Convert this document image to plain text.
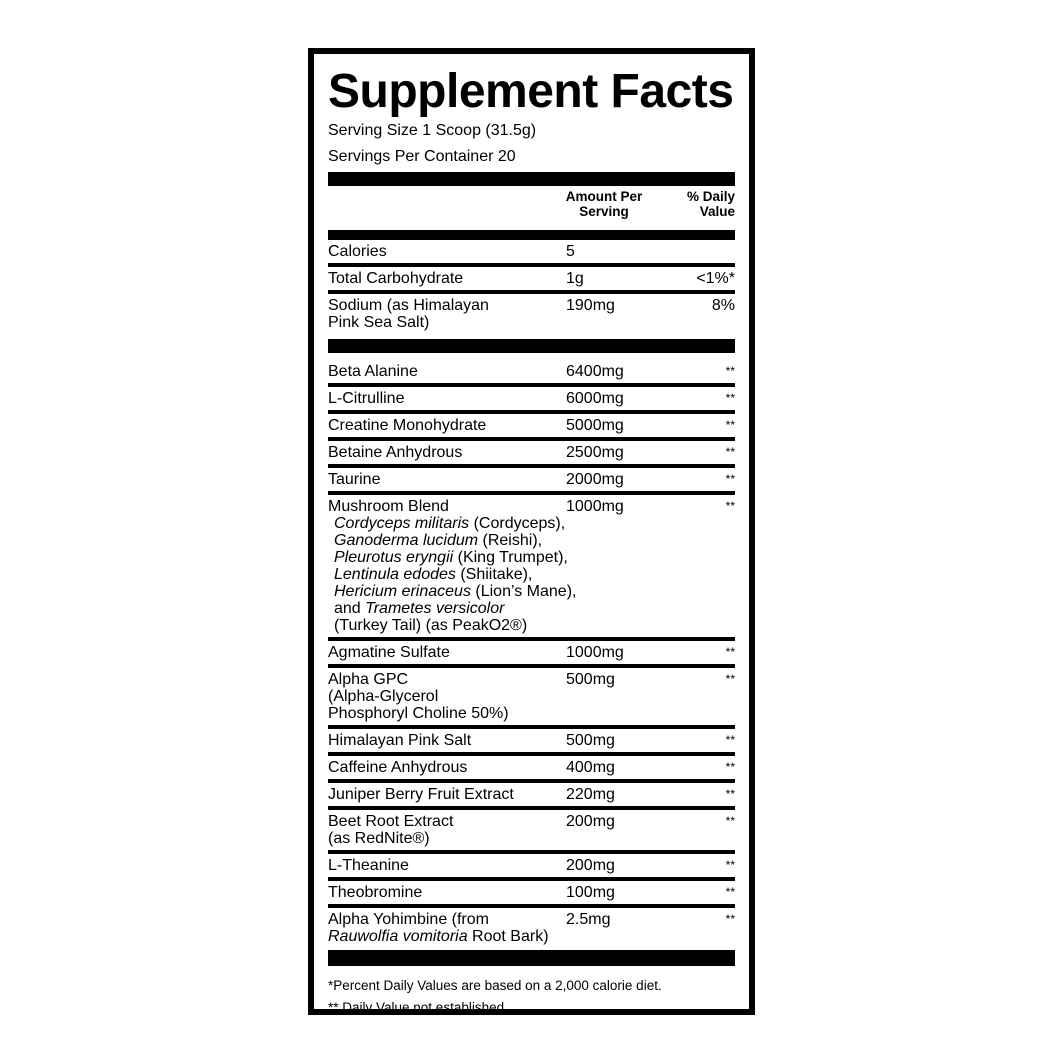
Supplement Facts
Serving Size 1 Scoop (31.5g)
Servings Per Container 20
Amount Per
Serving
% Daily
Value
Calories	5
Total Carbohydrate	1g	<1%*
Sodium (as Himalayan
Pink Sea Salt)
190mg	8%
Beta Alanine	6400mg	**
L-Citrulline	6000mg	**
Creatine Monohydrate	5000mg	**
Betaine Anhydrous	2500mg	**
Taurine	2000mg	**
Mushroom Blend
Cordyceps militaris (Cordyceps),
Ganoderma lucidum (Reishi),
Pleurotus eryngii (King Trumpet),
Lentinula edodes (Shiitake),
Hericium erinaceus (Lion’s Mane),
and Trametes versicolor
(Turkey Tail) (as PeakO2®)
1000mg	**
Agmatine Sulfate	1000mg	**
Alpha GPC
(Alpha-Glycerol
Phosphoryl Choline 50%)
500mg	**
Himalayan Pink Salt	500mg	**
Caffeine Anhydrous	400mg	**
Juniper Berry Fruit Extract	220mg	**
Beet Root Extract
(as RedNite®)
200mg	**
L-Theanine	200mg	**
Theobromine	100mg	**
Alpha Yohimbine (from
Rauwolfia vomitoria Root Bark)
2.5mg	**
*Percent Daily Values are based on a 2,000 calorie diet.
** Daily Value not established
